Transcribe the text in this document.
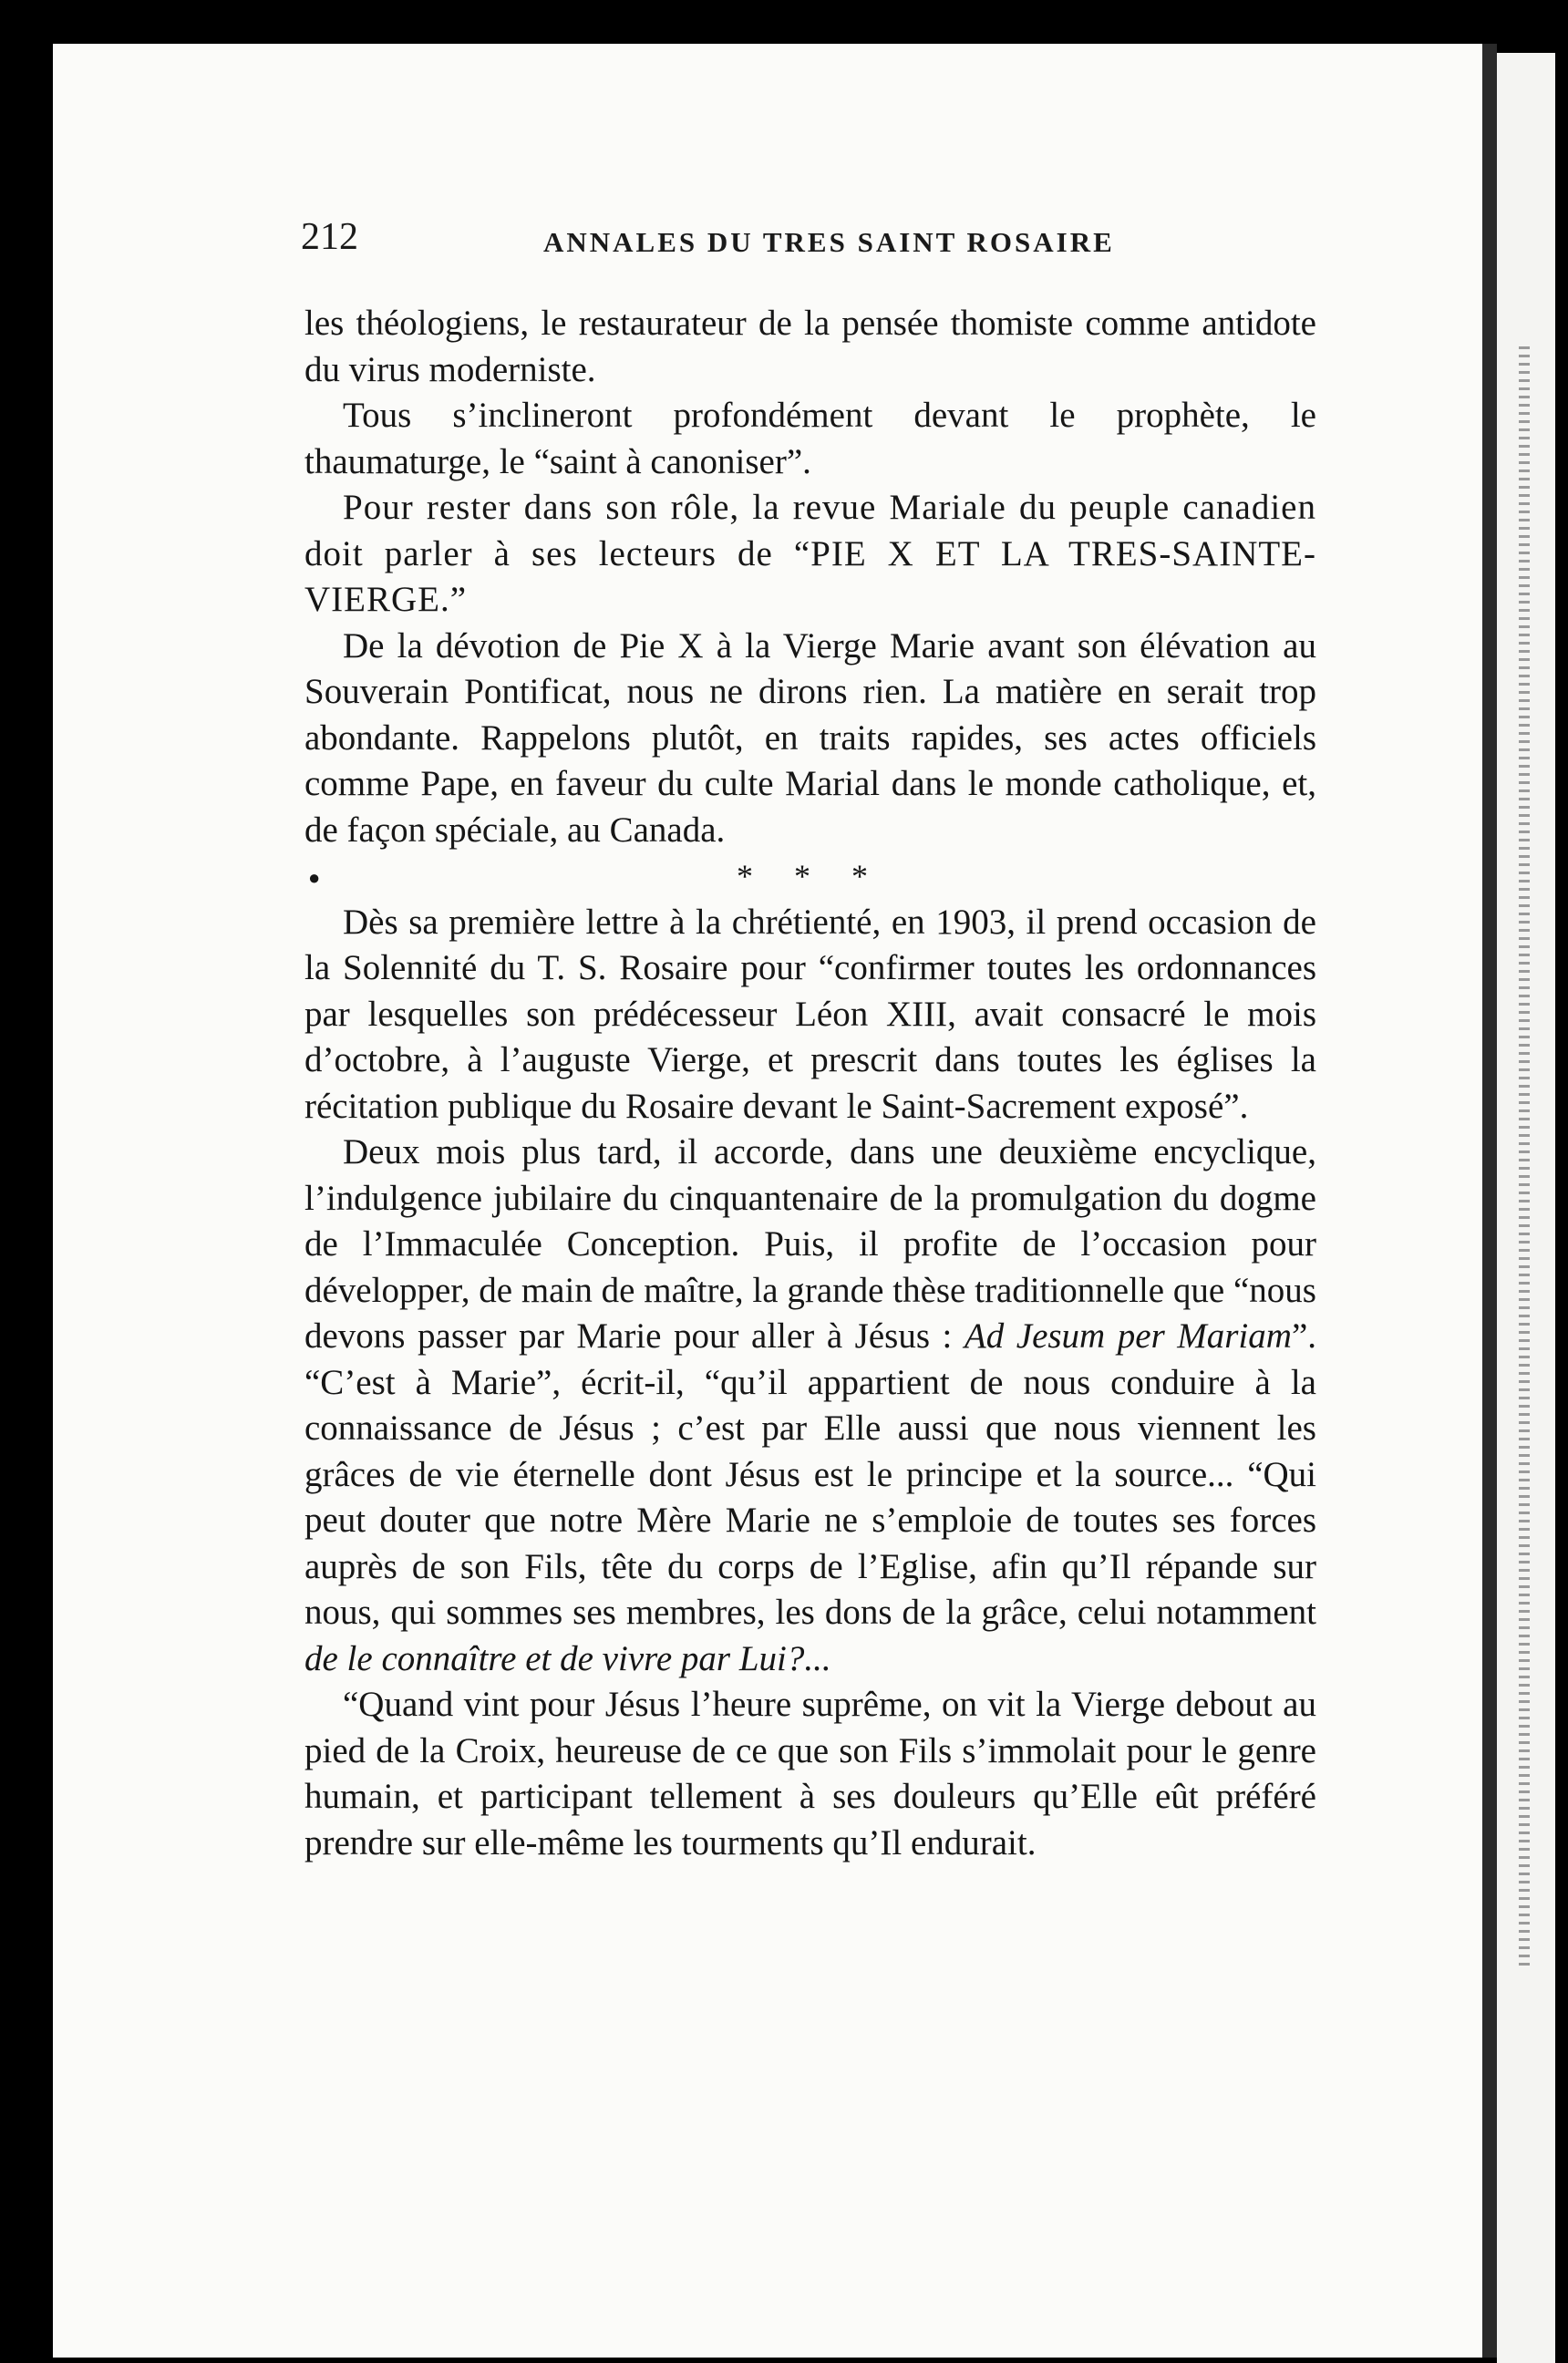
212	ANNALES DU TRES SAINT ROSAIRE

les théologiens, le restaurateur de la pensée thomiste comme antidote du virus moderniste.

Tous s’inclineront profondément devant le prophète, le thaumaturge, le “saint à canoniser”.

Pour rester dans son rôle, la revue Mariale du peuple canadien doit parler à ses lecteurs de “PIE X ET LA TRES-SAINTE-VIERGE.”

De la dévotion de Pie X à la Vierge Marie avant son élévation au Souverain Pontificat, nous ne dirons rien. La matière en serait trop abondante. Rappelons plutôt, en traits rapides, ses actes officiels comme Pape, en faveur du culte Marial dans le monde catholique, et, de façon spéciale, au Canada.

●	* * *

Dès sa première lettre à la chrétienté, en 1903, il prend occasion de la Solennité du T. S. Rosaire pour “confirmer toutes les ordonnances par lesquelles son prédécesseur Léon XIII, avait consacré le mois d’octobre, à l’auguste Vierge, et prescrit dans toutes les églises la récitation publique du Rosaire devant le Saint-Sacrement exposé”.

Deux mois plus tard, il accorde, dans une deuxième encyclique, l’indulgence jubilaire du cinquantenaire de la promulgation du dogme de l’Immaculée Conception. Puis, il profite de l’occasion pour développer, de main de maître, la grande thèse traditionnelle que “nous devons passer par Marie pour aller à Jésus : Ad Jesum per Mariam”. “C’est à Marie”, écrit-il, “qu’il appartient de nous conduire à la connaissance de Jésus ; c’est par Elle aussi que nous viennent les grâces de vie éternelle dont Jésus est le principe et la source... “Qui peut douter que notre Mère Marie ne s’emploie de toutes ses forces auprès de son Fils, tête du corps de l’Eglise, afin qu’Il répande sur nous, qui sommes ses membres, les dons de la grâce, celui notamment de le connaître et de vivre par Lui?...

“Quand vint pour Jésus l’heure suprême, on vit la Vierge debout au pied de la Croix, heureuse de ce que son Fils s’immolait pour le genre humain, et participant tellement à ses douleurs qu’Elle eût préféré prendre sur elle-même les tourments qu’Il endurait.
